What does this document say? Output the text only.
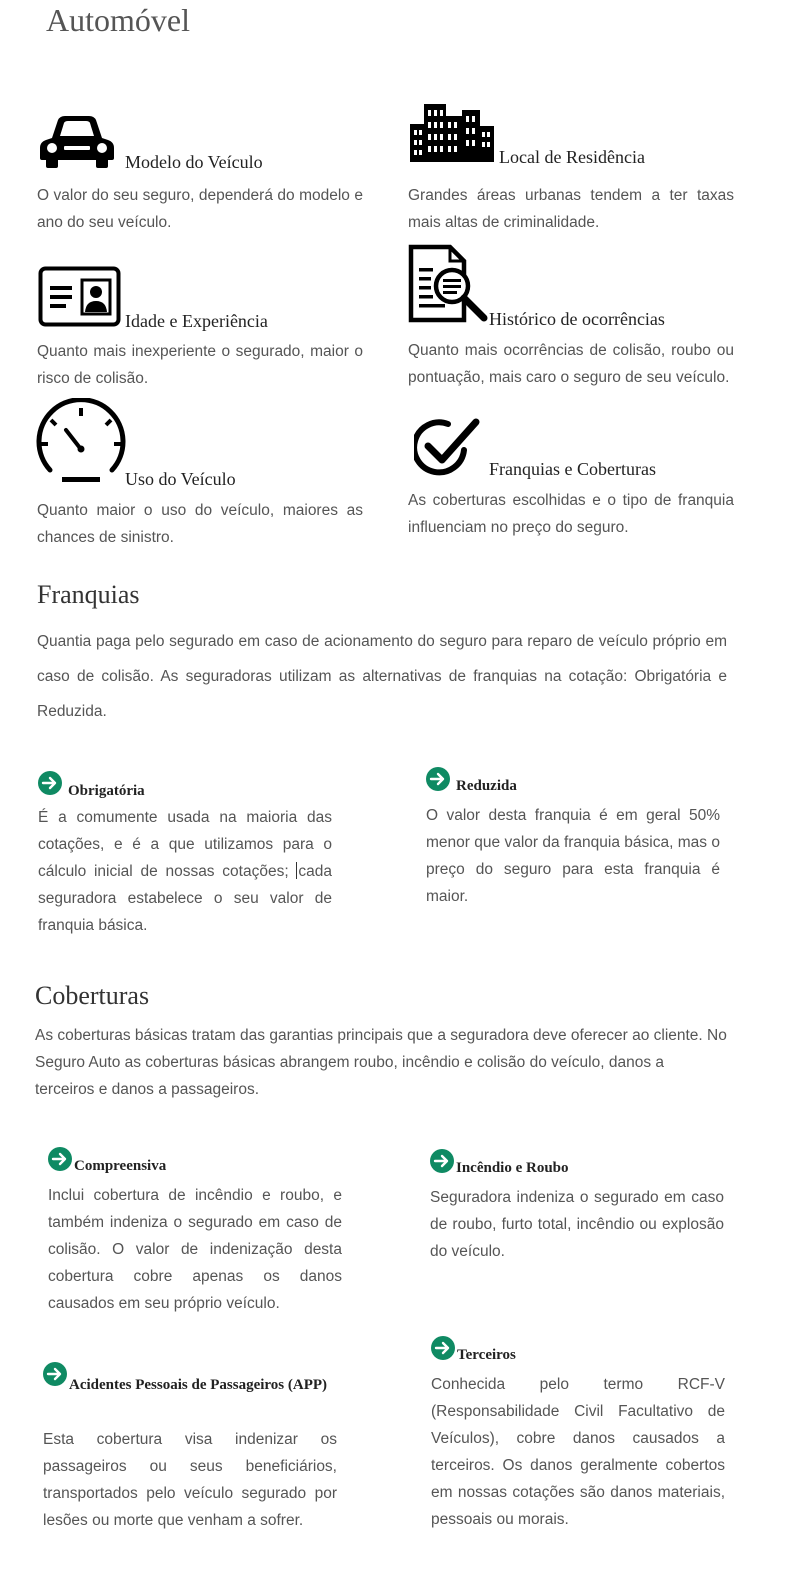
Automóvel
Modelo do Veículo
O valor do seu seguro, dependerá do modelo e ano do seu veículo.
Local de Residência
Grandes áreas urbanas tendem a ter taxas mais altas de criminalidade.
Idade e Experiência
Quanto mais inexperiente o segurado, maior o risco de colisão.
Histórico de ocorrências
Quanto mais ocorrências de colisão, roubo ou pontuação, mais caro o seguro de seu veículo.
Uso do Veículo
Quanto maior o uso do veículo, maiores as chances de sinistro.
Franquias e Coberturas
As coberturas escolhidas e o tipo de franquia influenciam no preço do seguro.
Franquias
Quantia paga pelo segurado em caso de acionamento do seguro para reparo de veículo próprio em caso de colisão. As seguradoras utilizam as alternativas de franquias na cotação: Obrigatória e Reduzida.
Obrigatória
É a comumente usada na maioria das cotações, e é a que utilizamos para o cálculo inicial de nossas cotações; cada seguradora estabelece o seu valor de franquia básica.
Reduzida
O valor desta franquia é em geral 50% menor que valor da franquia básica, mas o preço do seguro para esta franquia é maior.
Coberturas
As coberturas básicas tratam das garantias principais que a seguradora deve oferecer ao cliente. No Seguro Auto as coberturas básicas abrangem roubo, incêndio e colisão do veículo, danos a terceiros e danos a passageiros.
Compreensiva
Inclui cobertura de incêndio e roubo, e também indeniza o segurado em caso de colisão. O valor de indenização desta cobertura cobre apenas os danos causados em seu próprio veículo.
Incêndio e Roubo
Seguradora indeniza o segurado em caso de roubo, furto total, incêndio ou explosão do veículo.
Acidentes Pessoais de Passageiros (APP)
Esta cobertura visa indenizar os passageiros ou seus beneficiários, transportados pelo veículo segurado por lesões ou morte que venham a sofrer.
Terceiros
Conhecida pelo termo RCF-V (Responsabilidade Civil Facultativo de Veículos), cobre danos causados a terceiros. Os danos geralmente cobertos em nossas cotações são danos materiais, pessoais ou morais.
